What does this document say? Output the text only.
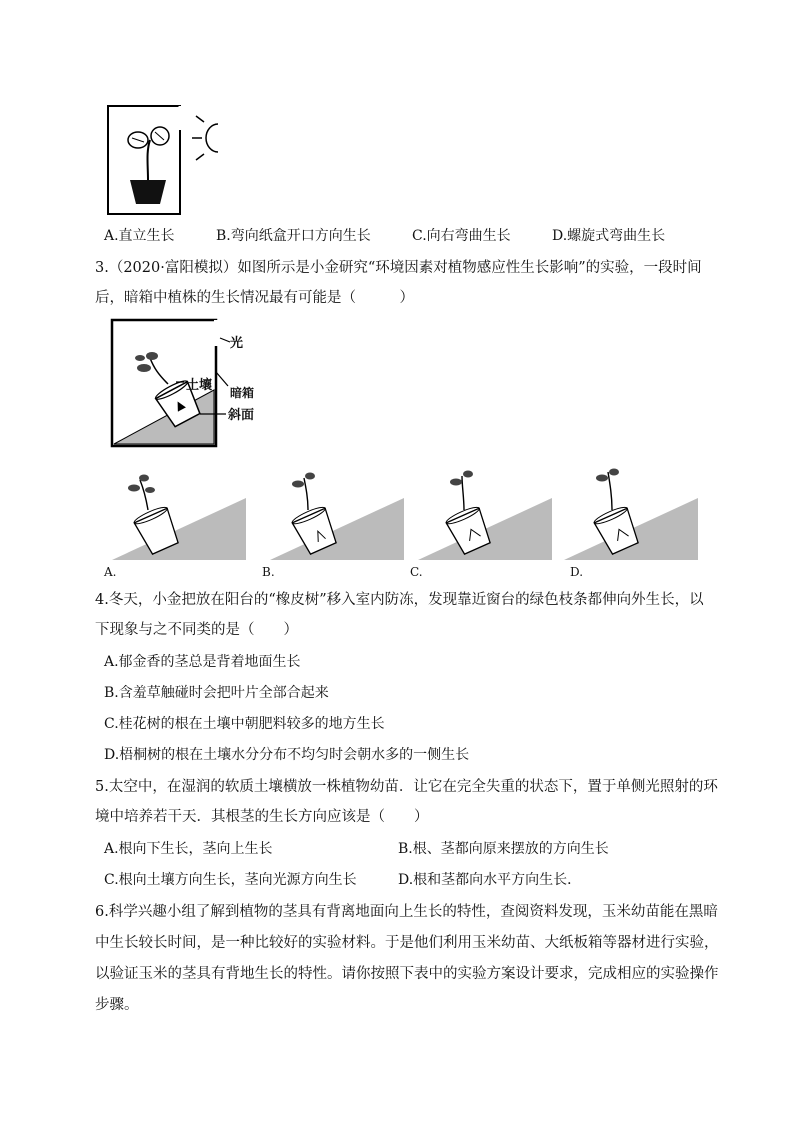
A.直立生长	B.弯向纸盒开口方向生长	C.向右弯曲生长	D.螺旋式弯曲生长
3.（2020·富阳模拟）如图所示是小金研究“环境因素对植物感应性生长影响”的实验，一段时间
后，暗箱中植株的生长情况最有可能是（　　　）
光
土壤 暗箱
斜面
A.	B.	C.	D.
4.冬天，小金把放在阳台的“橡皮树”移入室内防冻，发现靠近窗台的绿色枝条都伸向外生长，以
下现象与之不同类的是（　　）
A.郁金香的茎总是背着地面生长
B.含羞草触碰时会把叶片全部合起来
C.桂花树的根在土壤中朝肥料较多的地方生长
D.梧桐树的根在土壤水分分布不均匀时会朝水多的一侧生长
5.太空中，在湿润的软质土壤横放一株植物幼苗．让它在完全失重的状态下，置于单侧光照射的环
境中培养若干天．其根茎的生长方向应该是（　　）
A.根向下生长，茎向上生长	B.根、茎都向原来摆放的方向生长
C.根向土壤方向生长，茎向光源方向生长	D.根和茎都向水平方向生长．
6.科学兴趣小组了解到植物的茎具有背离地面向上生长的特性，查阅资料发现，玉米幼苗能在黑暗
中生长较长时间，是一种比较好的实验材料。于是他们利用玉米幼苗、大纸板箱等器材进行实验，
以验证玉米的茎具有背地生长的特性。请你按照下表中的实验方案设计要求，完成相应的实验操作
步骤。
